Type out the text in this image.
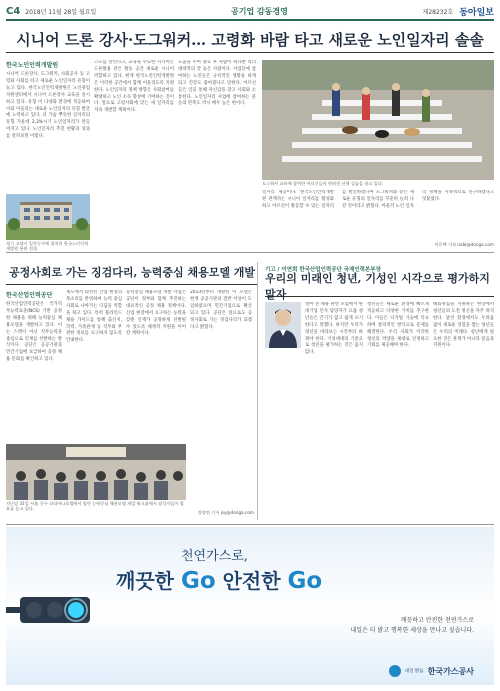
C4 2018년 11월 28일 월요일	공기업 감동경영	제28232호 동아일보
시니어 드론 강사·도그워커… 고령화 바람 타고 새로운 노인일자리 솔솔

한국노인인력개발원

시니어 드론강사, 도그워커, 사회공사 등 고령화 사회를 타고 새로운 노인일자리 유형이 늘고 있다. 한국노인인력개발원은 노인취업지원센터에서 시니어 드론강사 교육을 실시하고 있다. 유형 이 다양화 환경에 적응하여 이와 어울리는 새로운 노인일자리 유형 발굴에 노력하고 있다. 더 가슴 뿌듯한 일자리의 유형 가운데 2,3%시기 노인일자리가 만들어지고 있다. 노인일자리 추진 현황과 성과를 살펴보면 이렇다.

경기 고양시 일산동구에 위치한 한국노인인력개발원 본관 전경.

고도를 살린다고, 교육을 수료한 시니어는 드론활용 같은 활동 공간 새로운 시니어 역할하고 있다. 현재 한국노인인력개발원은 이러한 공간에서 함께 어울리도록 지원한다. 노인일자리 정책 방향은 사회참여를 확대하고 노인 소득 향상에 기여하는 것이다. 앞으로 고령사회에 맞는 새 일자리를 지속 개발할 계획이다.

도움을 주며 종료 후 사람이 하나뿐 리더 대략적의 갈 등은 사람이다. 사업단에 참여하는 노인들은 규칙적인 생활을 하게 되고 건강도 좋아졌다고 말한다. 어르신들은 일을 통해 자신감을 찾고 사회와 소통한다. 노인일자리 사업에 참여하는 분들의 만족도 역시 매우 높은 편이다.

도그워커 교육에 참여한 어르신들이 반려견 산책 실습을 하고 있다.

일자리 제공이다. 한국노인인력개발원 관계자는 시니어 일자리를 활성화하고 어르신이 활동할 수 있는 일자리를 발굴하겠다며 도그워커와 같은 새로운 유형의 일자리를 꾸준히 늘려 나갈 것이라고 밝혔다. 아울러 노인 일자리 정책을 지속적으로 연구하겠다고 덧붙였다.

이은택 기자 nabi@donga.com
공정사회로 가는 징검다리, 능력중심 채용모델 개발

한국산업인력공단

한국산업인력공단은 국가직무능력표준(NCS) 기반 공정한 채용을 위해 능력중심 채용모델을 개발하고 있다. 이는 스펙이 아닌 직무능력을 중심으로 인재를 선발하는 방식이다. 공단은 공공기관과 민간기업에 보급하여 공정 채용 문화를 확산하고 있다.

제도에서 외면된 산업 현장의 목소리를 반영하여 능력 중심 사회로 나아가는 디딤돌 역할을 하고 있다. 특히 블라인드 채용 가이드를 통해 출신지, 학력, 가족관계 등 직무와 무관한 정보를 요구하지 않도록 안내한다.

능력중심 채용모델 개발 사업은 공단이 정부와 함께 추진하는 대표적인 공정 채용 정책이다. 산업 현장에서 요구하는 능력을 갖춘 인재가 공정하게 선발될 수 있도록 체계적 지원을 이어갈 계획이다.

2013년부터 개발된 이 모델은 현재 공공기관의 절반 이상이 도입하였으며 민간기업으로 확산되고 있다. 공단은 앞으로도 공정사회로 가는 징검다리가 되겠다고 밝혔다.

지난달 31일 서울 중구 코리아나호텔에서 열린 능력중심 채용모델 개발 워크숍에서 참석자들이 발표를 듣고 있다.
정상연 기자 jsy@donga.com
기고 / 이연희 한국산업인력공단 국제인력본부장
우리의 미래인 청년, 기성인 시각으로 평가하지 말자

얼마 전 채용 관련 모임에서 한 대기업 인사 담당자가 요즘 청년들은 끈기가 없고 쉽게 포기한다고 말했다. 하지만 우리가 청년을 바라보는 시각부터 바꿔야 한다. 기성세대의 기준으로 청년을 평가하는 것은 옳지 않다.

청년들은 새로운 환경에 빠르게 적응하고 다양한 가치를 추구한다. 이들은 디지털 기술에 익숙하며 창의적인 방식으로 문제를 해결한다. 우리 사회가 이러한 청년의 역량을 제대로 인정하고 기회를 제공해야 한다.

해외취업을 지원하는 현장에서 청년들의 도전 정신을 자주 목격한다. 낯선 환경에서도 두려움 없이 새로운 경험을 쌓는 청년들은 우리의 미래다. 청년에게 필요한 것은 훈계가 아니라 믿음과 지원이다.

천연가스로,
깨끗한 Go 안전한 Go
깨끗하고 안전한 천연가스로
내일은 더 밝고 행복한 세상을 만나고 싶습니다.
내일 밝음 한국가스공사
